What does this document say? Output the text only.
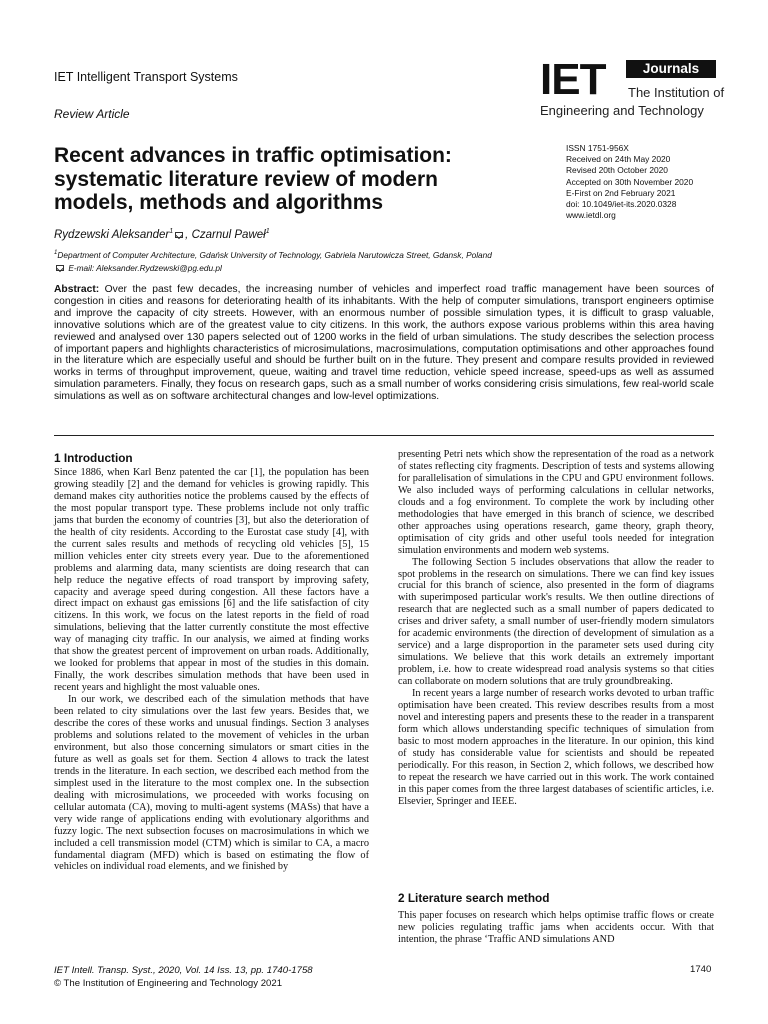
IET Intelligent Transport Systems
Review Article
IET	Journals
The Institution of
Engineering and Technology
Recent advances in traffic optimisation:
systematic literature review of modern
models, methods and algorithms
ISSN 1751-956X
Received on 24th May 2020
Revised 20th October 2020
Accepted on 30th November 2020
E-First on 2nd February 2021
doi: 10.1049/iet-its.2020.0328
www.ietdl.org
Rydzewski Aleksander$^1$ , Czarnul Paweł$^1$
$^1$Department of Computer Architecture, Gdańsk University of Technology, Gabriela Narutowicza Street, Gdansk, Poland
E-mail: Aleksander.Rydzewski@pg.edu.pl
Abstract: Over the past few decades, the increasing number of vehicles and imperfect road traffic management have been sources of congestion in cities and reasons for deteriorating health of its inhabitants. With the help of computer simulations, transport engineers optimise and improve the capacity of city streets. However, with an enormous number of possible simulation types, it is difficult to grasp valuable, innovative solutions which are of the greatest value to city citizens. In this work, the authors expose various problems within this area having reviewed and analysed over 130 papers selected out of 1200 works in the field of urban simulations. The study describes the selection process of important papers and highlights characteristics of microsimulations, macrosimulations, computation optimisations and other approaches found in the literature which are especially useful and should be further built on in the future. They present and compare results provided in reviewed works in terms of throughput improvement, queue, waiting and travel time reduction, vehicle speed increase, speed-ups as well as assumed simulation parameters. Finally, they focus on research gaps, such as a small number of works considering crisis simulations, few real-world scale simulations as well as on software architectural changes and low-level optimizations.
1 Introduction

Since 1886, when Karl Benz patented the car [1], the population has been growing steadily [2] and the demand for vehicles is growing rapidly. This demand makes city authorities notice the problems caused by the effects of the most popular transport type. These problems include not only traffic jams that burden the economy of countries [3], but also the deterioration of the health of city residents. According to the Eurostat case study [4], with the current sales results and methods of recycling old vehicles [5], 15 million vehicles enter city streets every year. Due to the aforementioned problems and alarming data, many scientists are doing research that can help reduce the negative effects of road transport by improving safety, capacity and average speed during congestion. All these factors have a direct impact on exhaust gas emissions [6] and the life satisfaction of city citizens. In this work, we focus on the latest reports in the field of road simulations, believing that the latter currently constitute the most effective way of managing city traffic. In our analysis, we aimed at finding works that show the greatest percent of improvement on urban roads. Additionally, we looked for problems that appear in most of the studies in this domain. Finally, the work describes simulation methods that have been used in recent years and highlight the most valuable ones.

In our work, we described each of the simulation methods that have been related to city simulations over the last few years. Besides that, we describe the cores of these works and unusual findings. Section 3 analyses problems and solutions related to the movement of vehicles in the urban environment, but also those concerning simulators or smart cities in the future as well as goals set for them. Section 4 allows to track the latest trends in the literature. In each section, we described each method from the simplest used in the literature to the most complex one. In the subsection dealing with microsimulations, we proceeded with works focusing on cellular automata (CA), moving to multi-agent systems (MASs) that have a very wide range of applications ending with evolutionary algorithms and fuzzy logic. The next subsection focuses on macrosimulations in which we included a cell transmission model (CTM) which is similar to CA, a macro fundamental diagram (MFD) which is based on estimating the flow of vehicles on individual road elements, and we finished by

presenting Petri nets which show the representation of the road as a network of states reflecting city fragments. Description of tests and systems allowing for parallelisation of simulations in the CPU and GPU environment follows. We also included ways of performing calculations in cellular networks, clouds and a fog environment. To complete the work by including other methodologies that have emerged in this branch of science, we described other approaches using operations research, game theory, graph theory, optimisation of city grids and other useful tools needed for integration simulation environments and modern web systems.

The following Section 5 includes observations that allow the reader to spot problems in the research on simulations. There we can find key issues crucial for this branch of science, also presented in the form of diagrams with superimposed particular work's results. We then outline directions of research that are neglected such as a small number of papers dedicated to crises and driver safety, a small number of user-friendly modern simulators for academic environments (the direction of development of simulation as a service) and a large disproportion in the parameter sets used during city simulations. We believe that this work details an extremely important problem, i.e. how to create widespread road analysis systems so that cities can collaborate on modern solutions that are truly groundbreaking.

In recent years a large number of research works devoted to urban traffic optimisation have been created. This review describes results from a most novel and interesting papers and presents these to the reader in a transparent form which allows understanding specific techniques of simulation from basic to most modern approaches in the literature. In our opinion, this kind of study has considerable value for scientists and should be repeated periodically. For this reason, in Section 2, which follows, we described how to repeat the research we have carried out in this work. The work contained in this paper comes from the three largest databases of scientific articles, i.e. Elsevier, Springer and IEEE.

2 Literature search method

This paper focuses on research which helps optimise traffic flows or create new policies regulating traffic jams when accidents occur. With that intention, the phrase ‘Traffic AND simulations AND

IET Intell. Transp. Syst., 2020, Vol. 14 Iss. 13, pp. 1740-1758
© The Institution of Engineering and Technology 2021
1740
